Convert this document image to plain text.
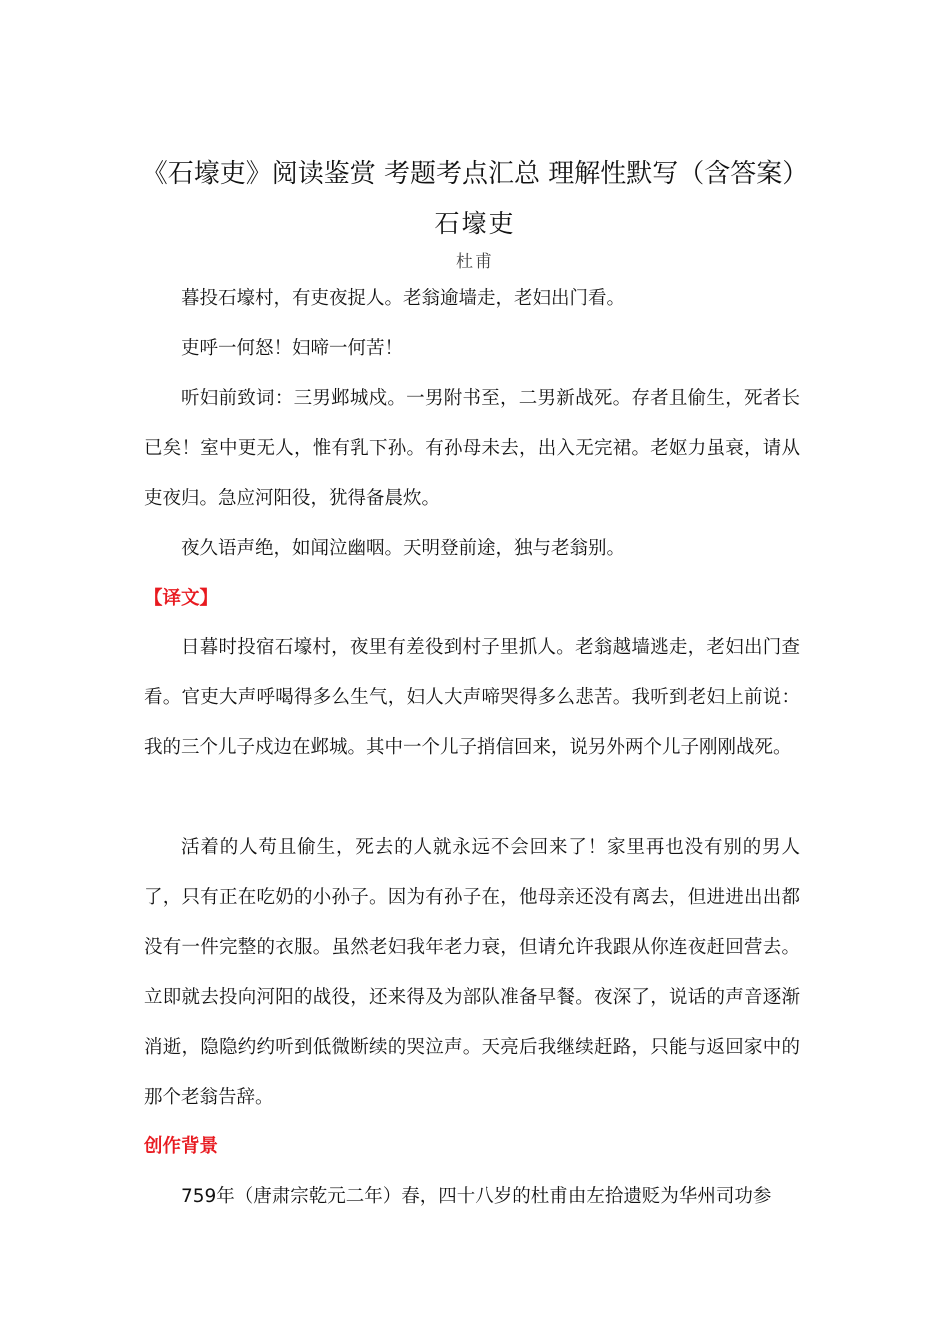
《石壕吏》阅读鉴赏 考题考点汇总 理解性默写（含答案）
石壕吏
杜甫

暮投石壕村，有吏夜捉人。老翁逾墙走，老妇出门看。

吏呼一何怒！妇啼一何苦！

听妇前致词：三男邺城戍。一男附书至，二男新战死。存者且偷生，死者长已矣！室中更无人，惟有乳下孙。有孙母未去，出入无完裙。老妪力虽衰，请从吏夜归。急应河阳役，犹得备晨炊。

夜久语声绝，如闻泣幽咽。天明登前途，独与老翁别。

【译文】

日暮时投宿石壕村，夜里有差役到村子里抓人。老翁越墙逃走，老妇出门查看。官吏大声呼喝得多么生气，妇人大声啼哭得多么悲苦。我听到老妇上前说：我的三个儿子戍边在邺城。其中一个儿子捎信回来，说另外两个儿子刚刚战死。

活着的人苟且偷生，死去的人就永远不会回来了！家里再也没有别的男人了，只有正在吃奶的小孙子。因为有孙子在，他母亲还没有离去，但进进出出都没有一件完整的衣服。虽然老妇我年老力衰，但请允许我跟从你连夜赶回营去。立即就去投向河阳的战役，还来得及为部队准备早餐。夜深了，说话的声音逐渐消逝，隐隐约约听到低微断续的哭泣声。天亮后我继续赶路，只能与返回家中的那个老翁告辞。

创作背景

759年（唐肃宗乾元二年）春，四十八岁的杜甫由左拾遗贬为华州司功参
